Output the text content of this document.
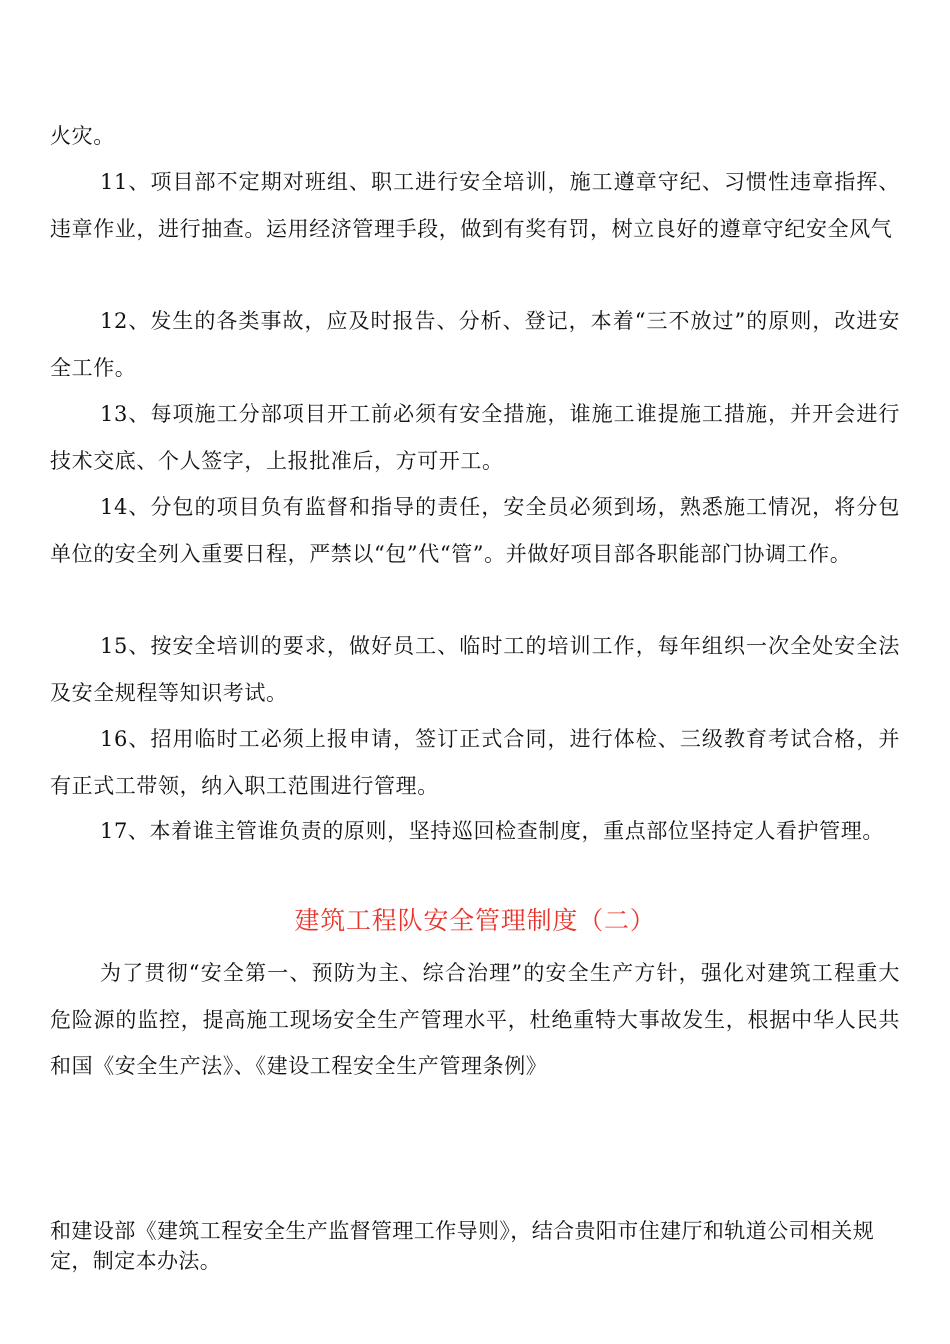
火灾。

11、项目部不定期对班组、职工进行安全培训，施工遵章守纪、习惯性违章指挥、违章作业，进行抽查。运用经济管理手段，做到有奖有罚，树立良好的遵章守纪安全风气

12、发生的各类事故，应及时报告、分析、登记，本着“三不放过”的原则，改进安全工作。

13、每项施工分部项目开工前必须有安全措施，谁施工谁提施工措施，并开会进行技术交底、个人签字，上报批准后，方可开工。

14、分包的项目负有监督和指导的责任，安全员必须到场，熟悉施工情况，将分包单位的安全列入重要日程，严禁以“包”代“管”。并做好项目部各职能部门协调工作。

15、按安全培训的要求，做好员工、临时工的培训工作，每年组织一次全处安全法及安全规程等知识考试。

16、招用临时工必须上报申请，签订正式合同，进行体检、三级教育考试合格，并有正式工带领，纳入职工范围进行管理。

17、本着谁主管谁负责的原则，坚持巡回检查制度，重点部位坚持定人看护管理。

建筑工程队安全管理制度（二）

为了贯彻“安全第一、预防为主、综合治理”的安全生产方针，强化对建筑工程重大危险源的监控，提高施工现场安全生产管理水平，杜绝重特大事故发生，根据中华人民共和国《安全生产法》、《建设工程安全生产管理条例》

和建设部《建筑工程安全生产监督管理工作导则》，结合贵阳市住建厅和轨道公司相关规定，制定本办法。
